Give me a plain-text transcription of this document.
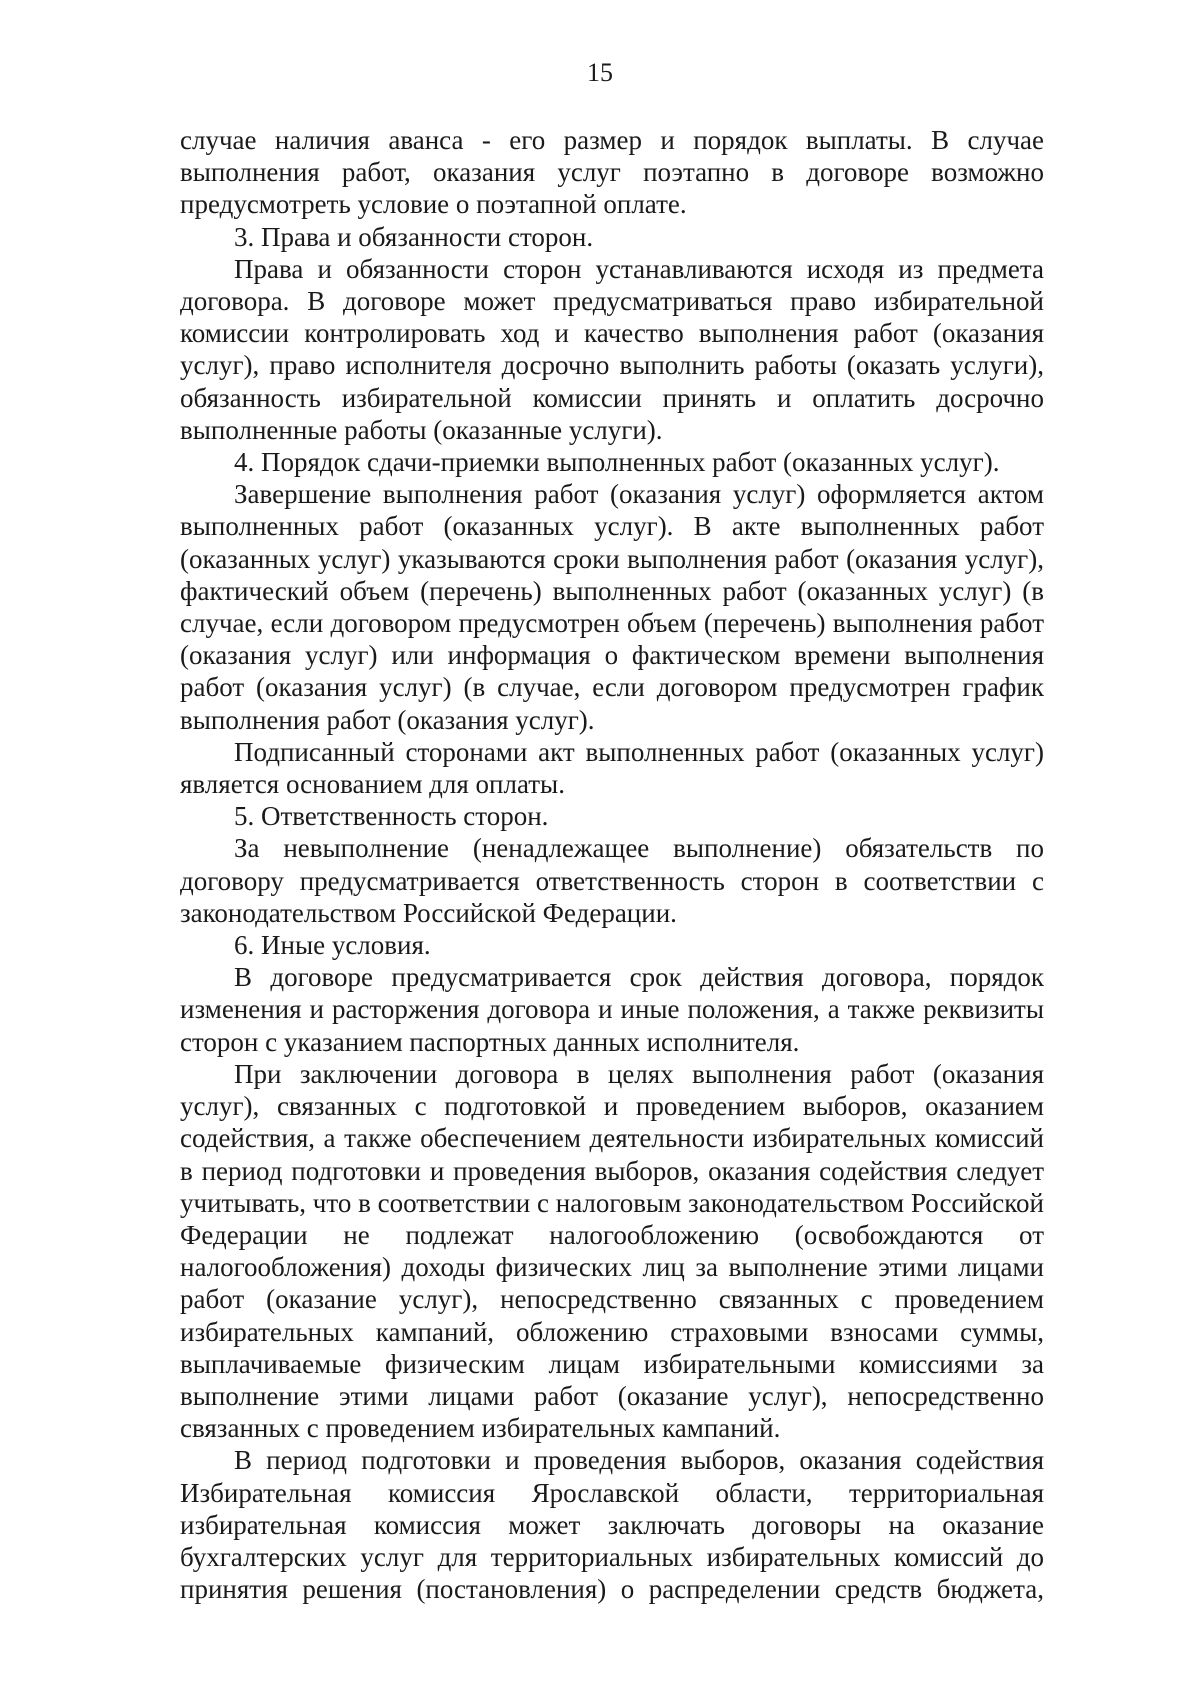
15

случае наличия аванса - его размер и порядок выплаты. В случае выполнения работ, оказания услуг поэтапно в договоре возможно предусмотреть условие о поэтапной оплате.

3. Права и обязанности сторон.

Права и обязанности сторон устанавливаются исходя из предмета договора. В договоре может предусматриваться право избирательной комиссии контролировать ход и качество выполнения работ (оказания услуг), право исполнителя досрочно выполнить работы (оказать услуги), обязанность избирательной комиссии принять и оплатить досрочно выполненные работы (оказанные услуги).

4. Порядок сдачи-приемки выполненных работ (оказанных услуг).

Завершение выполнения работ (оказания услуг) оформляется актом выполненных работ (оказанных услуг). В акте выполненных работ (оказанных услуг) указываются сроки выполнения работ (оказания услуг), фактический объем (перечень) выполненных работ (оказанных услуг) (в случае, если договором предусмотрен объем (перечень) выполнения работ (оказания услуг) или информация о фактическом времени выполнения работ (оказания услуг) (в случае, если договором предусмотрен график выполнения работ (оказания услуг).

Подписанный сторонами акт выполненных работ (оказанных услуг) является основанием для оплаты.

5. Ответственность сторон.

За невыполнение (ненадлежащее выполнение) обязательств по договору предусматривается ответственность сторон в соответствии с законодательством Российской Федерации.

6. Иные условия.

В договоре предусматривается срок действия договора, порядок изменения и расторжения договора и иные положения, а также реквизиты сторон с указанием паспортных данных исполнителя.

При заключении договора в целях выполнения работ (оказания услуг), связанных с подготовкой и проведением выборов, оказанием содействия, а также обеспечением деятельности избирательных комиссий в период подготовки и проведения выборов, оказания содействия следует учитывать, что в соответствии с налоговым законодательством Российской Федерации не подлежат налогообложению (освобождаются от налогообложения) доходы физических лиц за выполнение этими лицами работ (оказание услуг), непосредственно связанных с проведением избирательных кампаний, обложению страховыми взносами суммы, выплачиваемые физическим лицам избирательными комиссиями за выполнение этими лицами работ (оказание услуг), непосредственно связанных с проведением избирательных кампаний.

В период подготовки и проведения выборов, оказания содействия Избирательная комиссия Ярославской области, территориальная избирательная комиссия может заключать договоры на оказание бухгалтерских услуг для территориальных избирательных комиссий до принятия решения (постановления) о распределении средств бюджета,
